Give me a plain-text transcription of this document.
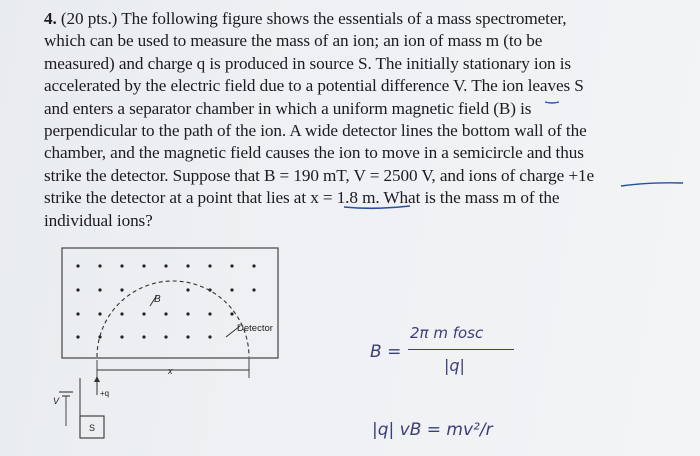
4. (20 pts.) The following figure shows the essentials of a mass spectrometer,
which can be used to measure the mass of an ion; an ion of mass m (to be
measured) and charge q is produced in source S. The initially stationary ion is
accelerated by the electric field due to a potential difference V. The ion leaves S
and enters a separator chamber in which a uniform magnetic field (B) is
perpendicular to the path of the ion. A wide detector lines the bottom wall of the
chamber, and the magnetic field causes the ion to move in a semicircle and thus
strike the detector. Suppose that B = 190 mT, V = 2500 V, and ions of charge +1e
strike the detector at a point that lies at x = 1.8 m. What is the mass m of the
individual ions?
B
Detector
x
+q
V
S
B =
2π m fosc
|q|
|q| vB = mv²/r
